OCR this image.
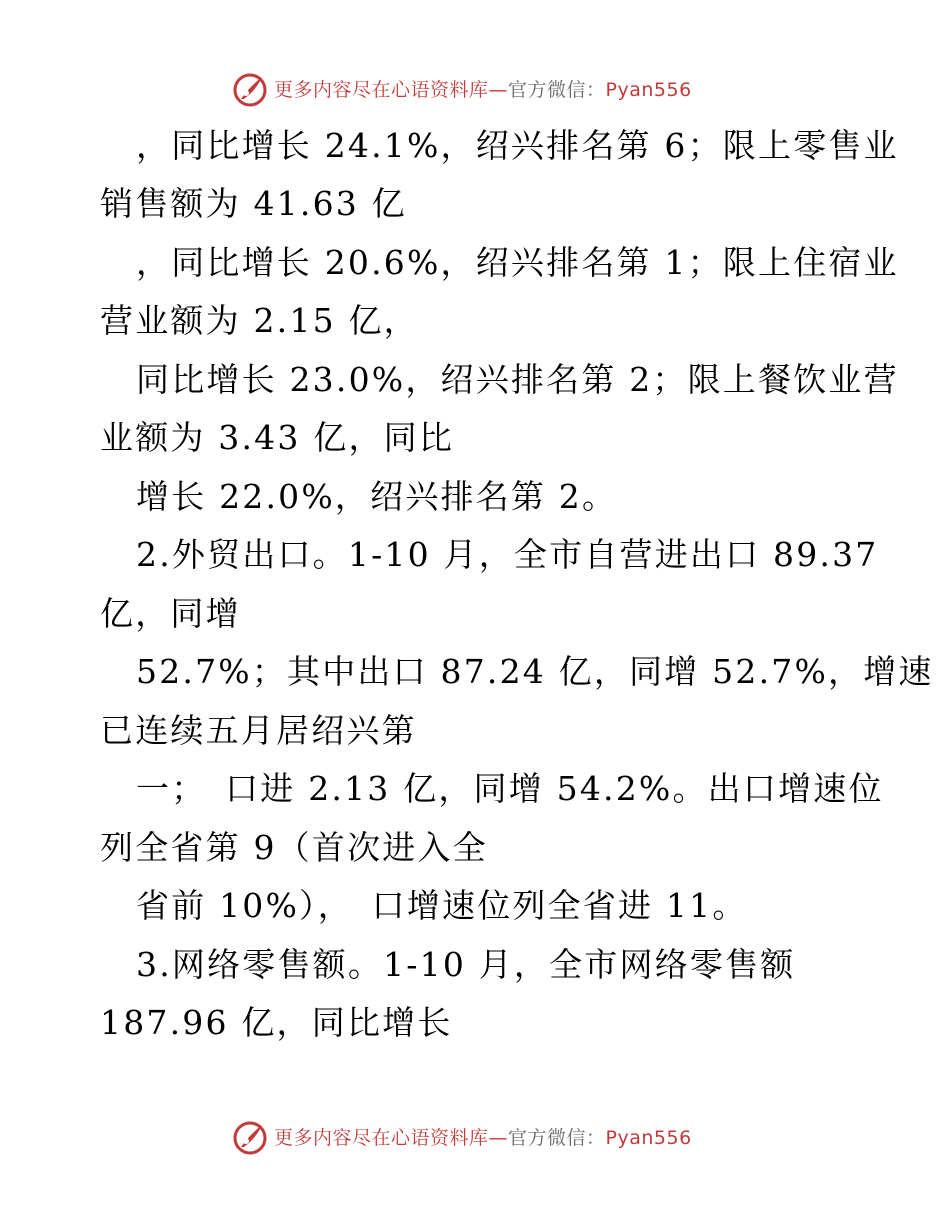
更多内容尽在心语资料库—官方微信：Pyan556
，同比增长 24.1%，绍兴排名第 6；限上零售业
销售额为 41.63 亿
，同比增长 20.6%，绍兴排名第 1；限上住宿业
营业额为 2.15 亿，
同比增长 23.0%，绍兴排名第 2；限上餐饮业营
业额为 3.43 亿，同比
增长 22.0%，绍兴排名第 2。
2.外贸出口。1-10 月，全市自营进出口 89.37
亿，同增
52.7%；其中出口 87.24 亿，同增 52.7%，增速
已连续五月居绍兴第
一；　口进 2.13 亿，同增 54.2%。出口增速位
列全省第 9（首次进入全
省前 10%），　口增速位列全省进 11。
3.网络零售额。1-10 月，全市网络零售额
187.96 亿，同比增长
更多内容尽在心语资料库—官方微信：Pyan556
